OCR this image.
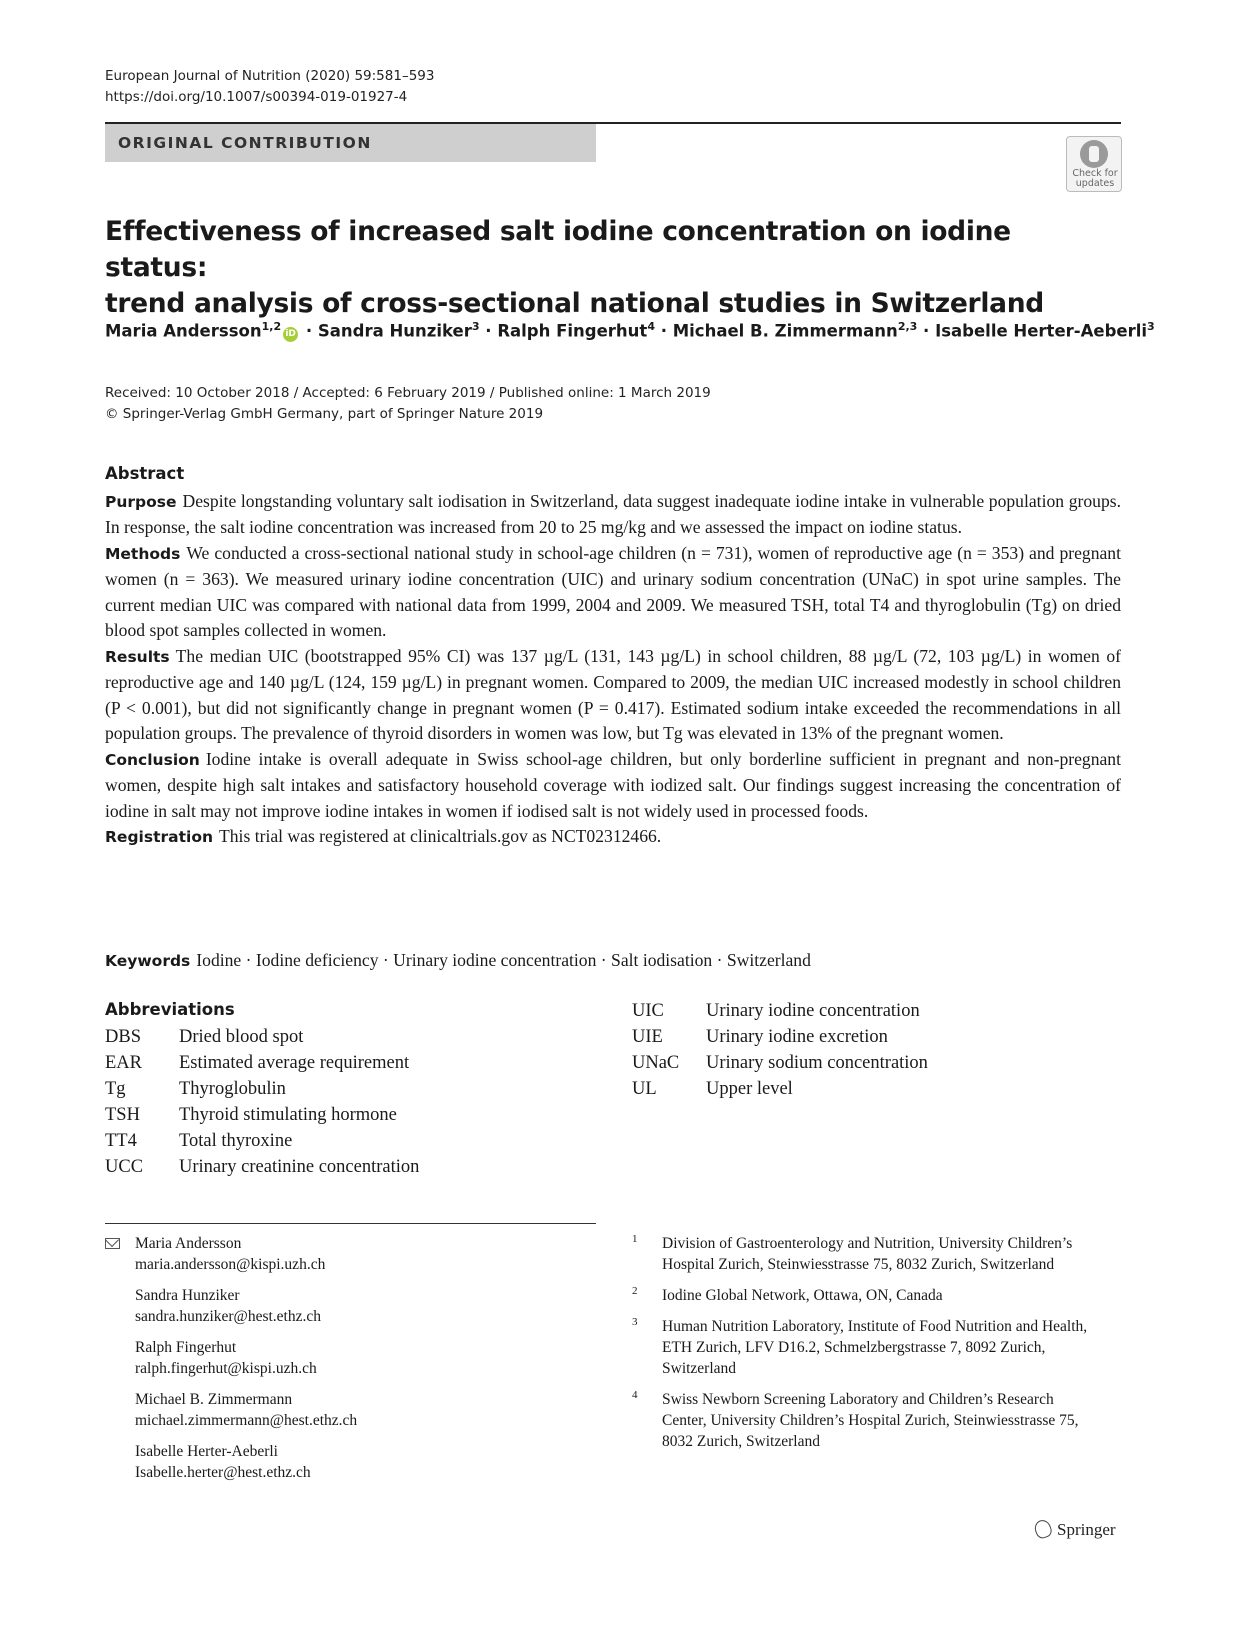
European Journal of Nutrition (2020) 59:581–593
https://doi.org/10.1007/s00394-019-01927-4
ORIGINAL CONTRIBUTION
Check for updates
Effectiveness of increased salt iodine concentration on iodine status:
trend analysis of cross-sectional national studies in Switzerland
Maria Andersson$^{1,2}$iD · Sandra Hunziker$^3$ · Ralph Fingerhut$^4$ · Michael B. Zimmermann$^{2,3}$ · Isabelle Herter-Aeberli$^3$
Received: 10 October 2018 / Accepted: 6 February 2019 / Published online: 1 March 2019
© Springer-Verlag GmbH Germany, part of Springer Nature 2019
Abstract

Purpose Despite longstanding voluntary salt iodisation in Switzerland, data suggest inadequate iodine intake in vulnerable population groups. In response, the salt iodine concentration was increased from 20 to 25 mg/kg and we assessed the impact on iodine status.

Methods We conducted a cross-sectional national study in school-age children (n = 731), women of reproductive age (n = 353) and pregnant women (n = 363). We measured urinary iodine concentration (UIC) and urinary sodium concentration (UNaC) in spot urine samples. The current median UIC was compared with national data from 1999, 2004 and 2009. We measured TSH, total T4 and thyroglobulin (Tg) on dried blood spot samples collected in women.

Results The median UIC (bootstrapped 95% CI) was 137 µg/L (131, 143 µg/L) in school children, 88 µg/L (72, 103 µg/L) in women of reproductive age and 140 µg/L (124, 159 µg/L) in pregnant women. Compared to 2009, the median UIC increased modestly in school children (P < 0.001), but did not significantly change in pregnant women (P = 0.417). Estimated sodium intake exceeded the recommendations in all population groups. The prevalence of thyroid disorders in women was low, but Tg was elevated in 13% of the pregnant women.

Conclusion Iodine intake is overall adequate in Swiss school-age children, but only borderline sufficient in pregnant and non-pregnant women, despite high salt intakes and satisfactory household coverage with iodized salt. Our findings suggest increasing the concentration of iodine in salt may not improve iodine intakes in women if iodised salt is not widely used in processed foods.

Registration This trial was registered at clinicaltrials.gov as NCT02312466.

Keywords Iodine · Iodine deficiency · Urinary iodine concentration · Salt iodisation · Switzerland
Abbreviations
DBS	Dried blood spot
EAR	Estimated average requirement
Tg	Thyroglobulin
TSH	Thyroid stimulating hormone
TT4	Total thyroxine
UCC	Urinary creatinine concentration
UIC	Urinary iodine concentration
UIE	Urinary iodine excretion
UNaC	Urinary sodium concentration
UL	Upper level
Maria Andersson
maria.andersson@kispi.uzh.ch
Sandra Hunziker
sandra.hunziker@hest.ethz.ch
Ralph Fingerhut
ralph.fingerhut@kispi.uzh.ch
Michael B. Zimmermann
michael.zimmermann@hest.ethz.ch
Isabelle Herter-Aeberli
Isabelle.herter@hest.ethz.ch
1 Division of Gastroenterology and Nutrition, University Children’s Hospital Zurich, Steinwiesstrasse 75, 8032 Zurich, Switzerland
2 Iodine Global Network, Ottawa, ON, Canada
3 Human Nutrition Laboratory, Institute of Food Nutrition and Health, ETH Zurich, LFV D16.2, Schmelzbergstrasse 7, 8092 Zurich, Switzerland
4 Swiss Newborn Screening Laboratory and Children’s Research Center, University Children’s Hospital Zurich, Steinwiesstrasse 75, 8032 Zurich, Switzerland
Springer
